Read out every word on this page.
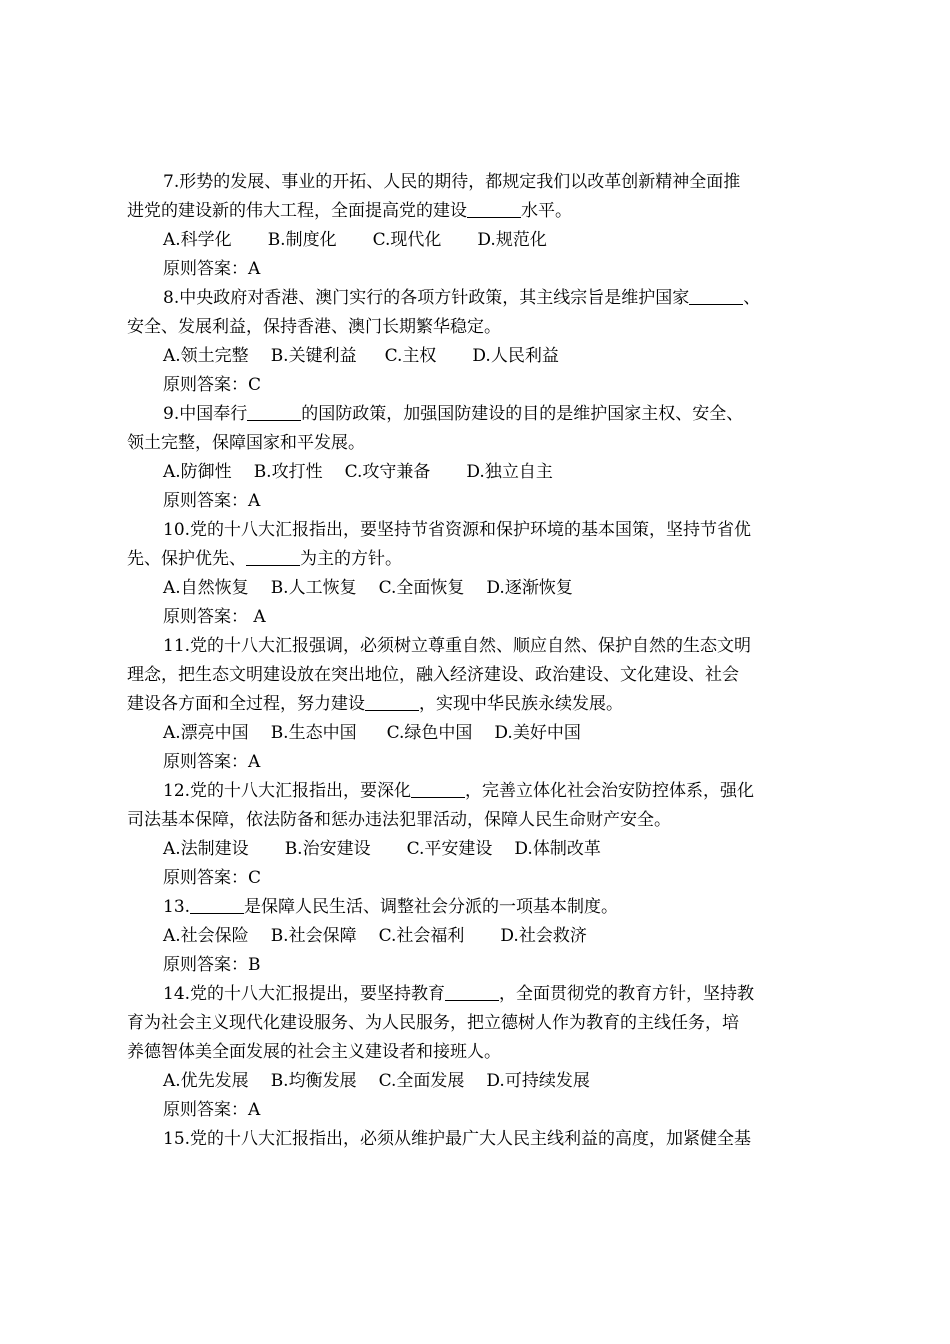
7.形势的发展、事业的开拓、人民的期待，都规定我们以改革创新精神全面推
进党的建设新的伟大工程，全面提高党的建设	水平。
A.科学化 B.制度化 C.现代化 D.规范化
原则答案：A
8.中央政府对香港、澳门实行的各项方针政策，其主线宗旨是维护国家	、
安全、发展利益，保持香港、澳门长期繁华稳定。
A.领土完整 B.关键利益 C.主权 D.人民利益
原则答案：C
9.中国奉行	的国防政策，加强国防建设的目的是维护国家主权、安全、
领土完整，保障国家和平发展。
A.防御性 B.攻打性 C.攻守兼备 D.独立自主
原则答案：A
10.党的十八大汇报指出，要坚持节省资源和保护环境的基本国策，坚持节省优
先、保护优先、	为主的方针。
A.自然恢复 B.人工恢复 C.全面恢复 D.逐渐恢复
原则答案： A
11.党的十八大汇报强调，必须树立尊重自然、顺应自然、保护自然的生态文明
理念，把生态文明建设放在突出地位，融入经济建设、政治建设、文化建设、社会
建设各方面和全过程，努力建设	，实现中华民族永续发展。
A.漂亮中国 B.生态中国 C.绿色中国 D.美好中国
原则答案：A
12.党的十八大汇报指出，要深化	，完善立体化社会治安防控体系，强化
司法基本保障，依法防备和惩办违法犯罪活动，保障人民生命财产安全。
A.法制建设 B.治安建设 C.平安建设 D.体制改革
原则答案：C
13.	是保障人民生活、调整社会分派的一项基本制度。
A.社会保险 B.社会保障 C.社会福利 D.社会救济
原则答案：B
14.党的十八大汇报提出，要坚持教育	，全面贯彻党的教育方针，坚持教
育为社会主义现代化建设服务、为人民服务，把立德树人作为教育的主线任务，培
养德智体美全面发展的社会主义建设者和接班人。
A.优先发展 B.均衡发展 C.全面发展 D.可持续发展
原则答案：A
15.党的十八大汇报指出，必须从维护最广大人民主线利益的高度，加紧健全基
